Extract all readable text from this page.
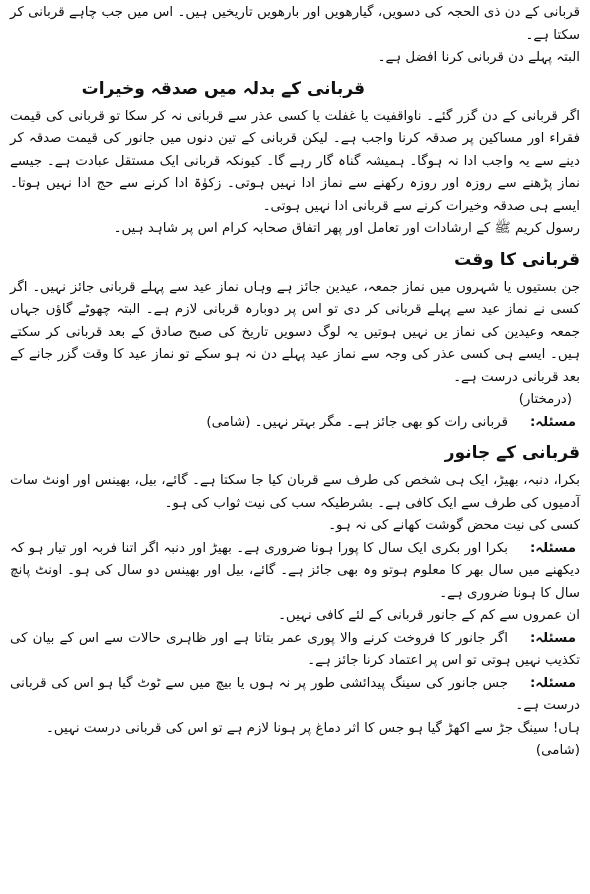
قربانی کے دن ذی الحجہ کی دسویں، گیارھویں اور بارھویں تاریخیں ہیں۔ اس میں جب چاہے قربانی کر سکتا ہے۔

البتہ پہلے دن قربانی کرنا افضل ہے۔

قربانی کے بدلہ میں صدقہ وخیرات

اگر قربانی کے دن گزر گئے۔ ناواقفیت یا غفلت یا کسی عذر سے قربانی نہ کر سکا تو قربانی کی قیمت فقراء اور مساکین پر صدقہ کرنا واجب ہے۔ لیکن قربانی کے تین دنوں میں جانور کی قیمت صدقہ کر دینے سے یہ واجب ادا نہ ہوگا۔ ہمیشہ گناہ گار رہے گا۔ کیونکہ قربانی ایک مستقل عبادت ہے۔ جیسے نماز پڑھنے سے روزہ اور روزہ رکھنے سے نماز ادا نہیں ہوتی۔ زکوٰۃ ادا کرنے سے حج ادا نہیں ہوتا۔ ایسے ہی صدقہ وخیرات کرنے سے قربانی ادا نہیں ہوتی۔

رسول کریم ﷺ کے ارشادات اور تعامل اور پھر اتفاق صحابہ کرام اس پر شاہد ہیں۔

قربانی کا وقت

جن بستیوں یا شہروں میں نماز جمعہ، عیدین جائز ہے وہاں نماز عید سے پہلے قربانی جائز نہیں۔ اگر کسی نے نماز عید سے پہلے قربانی کر دی تو اس پر دوبارہ قربانی لازم ہے۔ البتہ چھوٹے گاؤں جہاں جمعہ وعیدین کی نماز یں نہیں ہوتیں یہ لوگ دسویں تاریخ کی صبح صادق کے بعد قربانی کر سکتے ہیں۔ ایسے ہی کسی عذر کی وجہ سے نماز عید پہلے دن نہ ہو سکے تو نماز عید کا وقت گزر جانے کے بعد قربانی درست ہے۔

(درمختار)

مسئلہ:قربانی رات کو بھی جائز ہے۔ مگر بہتر نہیں۔ (شامی)

قربانی کے جانور

بکرا، دنبہ، بھیڑ، ایک ہی شخص کی طرف سے قربان کیا جا سکتا ہے۔ گائے، بیل، بھینس اور اونٹ سات آدمیوں کی طرف سے ایک کافی ہے۔ بشرطیکہ سب کی نیت ثواب کی ہو۔

کسی کی نیت محض گوشت کھانے کی نہ ہو۔

مسئلہ:بکرا اور بکری ایک سال کا پورا ہونا ضروری ہے۔ بھیڑ اور دنبہ اگر اتنا فربہ اور تیار ہو کہ دیکھنے میں سال بھر کا معلوم ہوتو وہ بھی جائز ہے۔ گائے، بیل اور بھینس دو سال کی ہو۔ اونٹ پانچ سال کا ہونا ضروری ہے۔

ان عمروں سے کم کے جانور قربانی کے لئے کافی نہیں۔

مسئلہ:اگر جانور کا فروخت کرنے والا پوری عمر بتاتا ہے اور ظاہری حالات سے اس کے بیان کی تکذیب نہیں ہوتی تو اس پر اعتماد کرنا جائز ہے۔

مسئلہ:جس جانور کی سینگ پیدائشی طور پر نہ ہوں یا بیچ میں سے ٹوٹ گیا ہو اس کی قربانی درست ہے۔

ہاں! سینگ جڑ سے اکھڑ گیا ہو جس کا اثر دماغ پر ہونا لازم ہے تو اس کی قربانی درست نہیں۔ (شامی)
